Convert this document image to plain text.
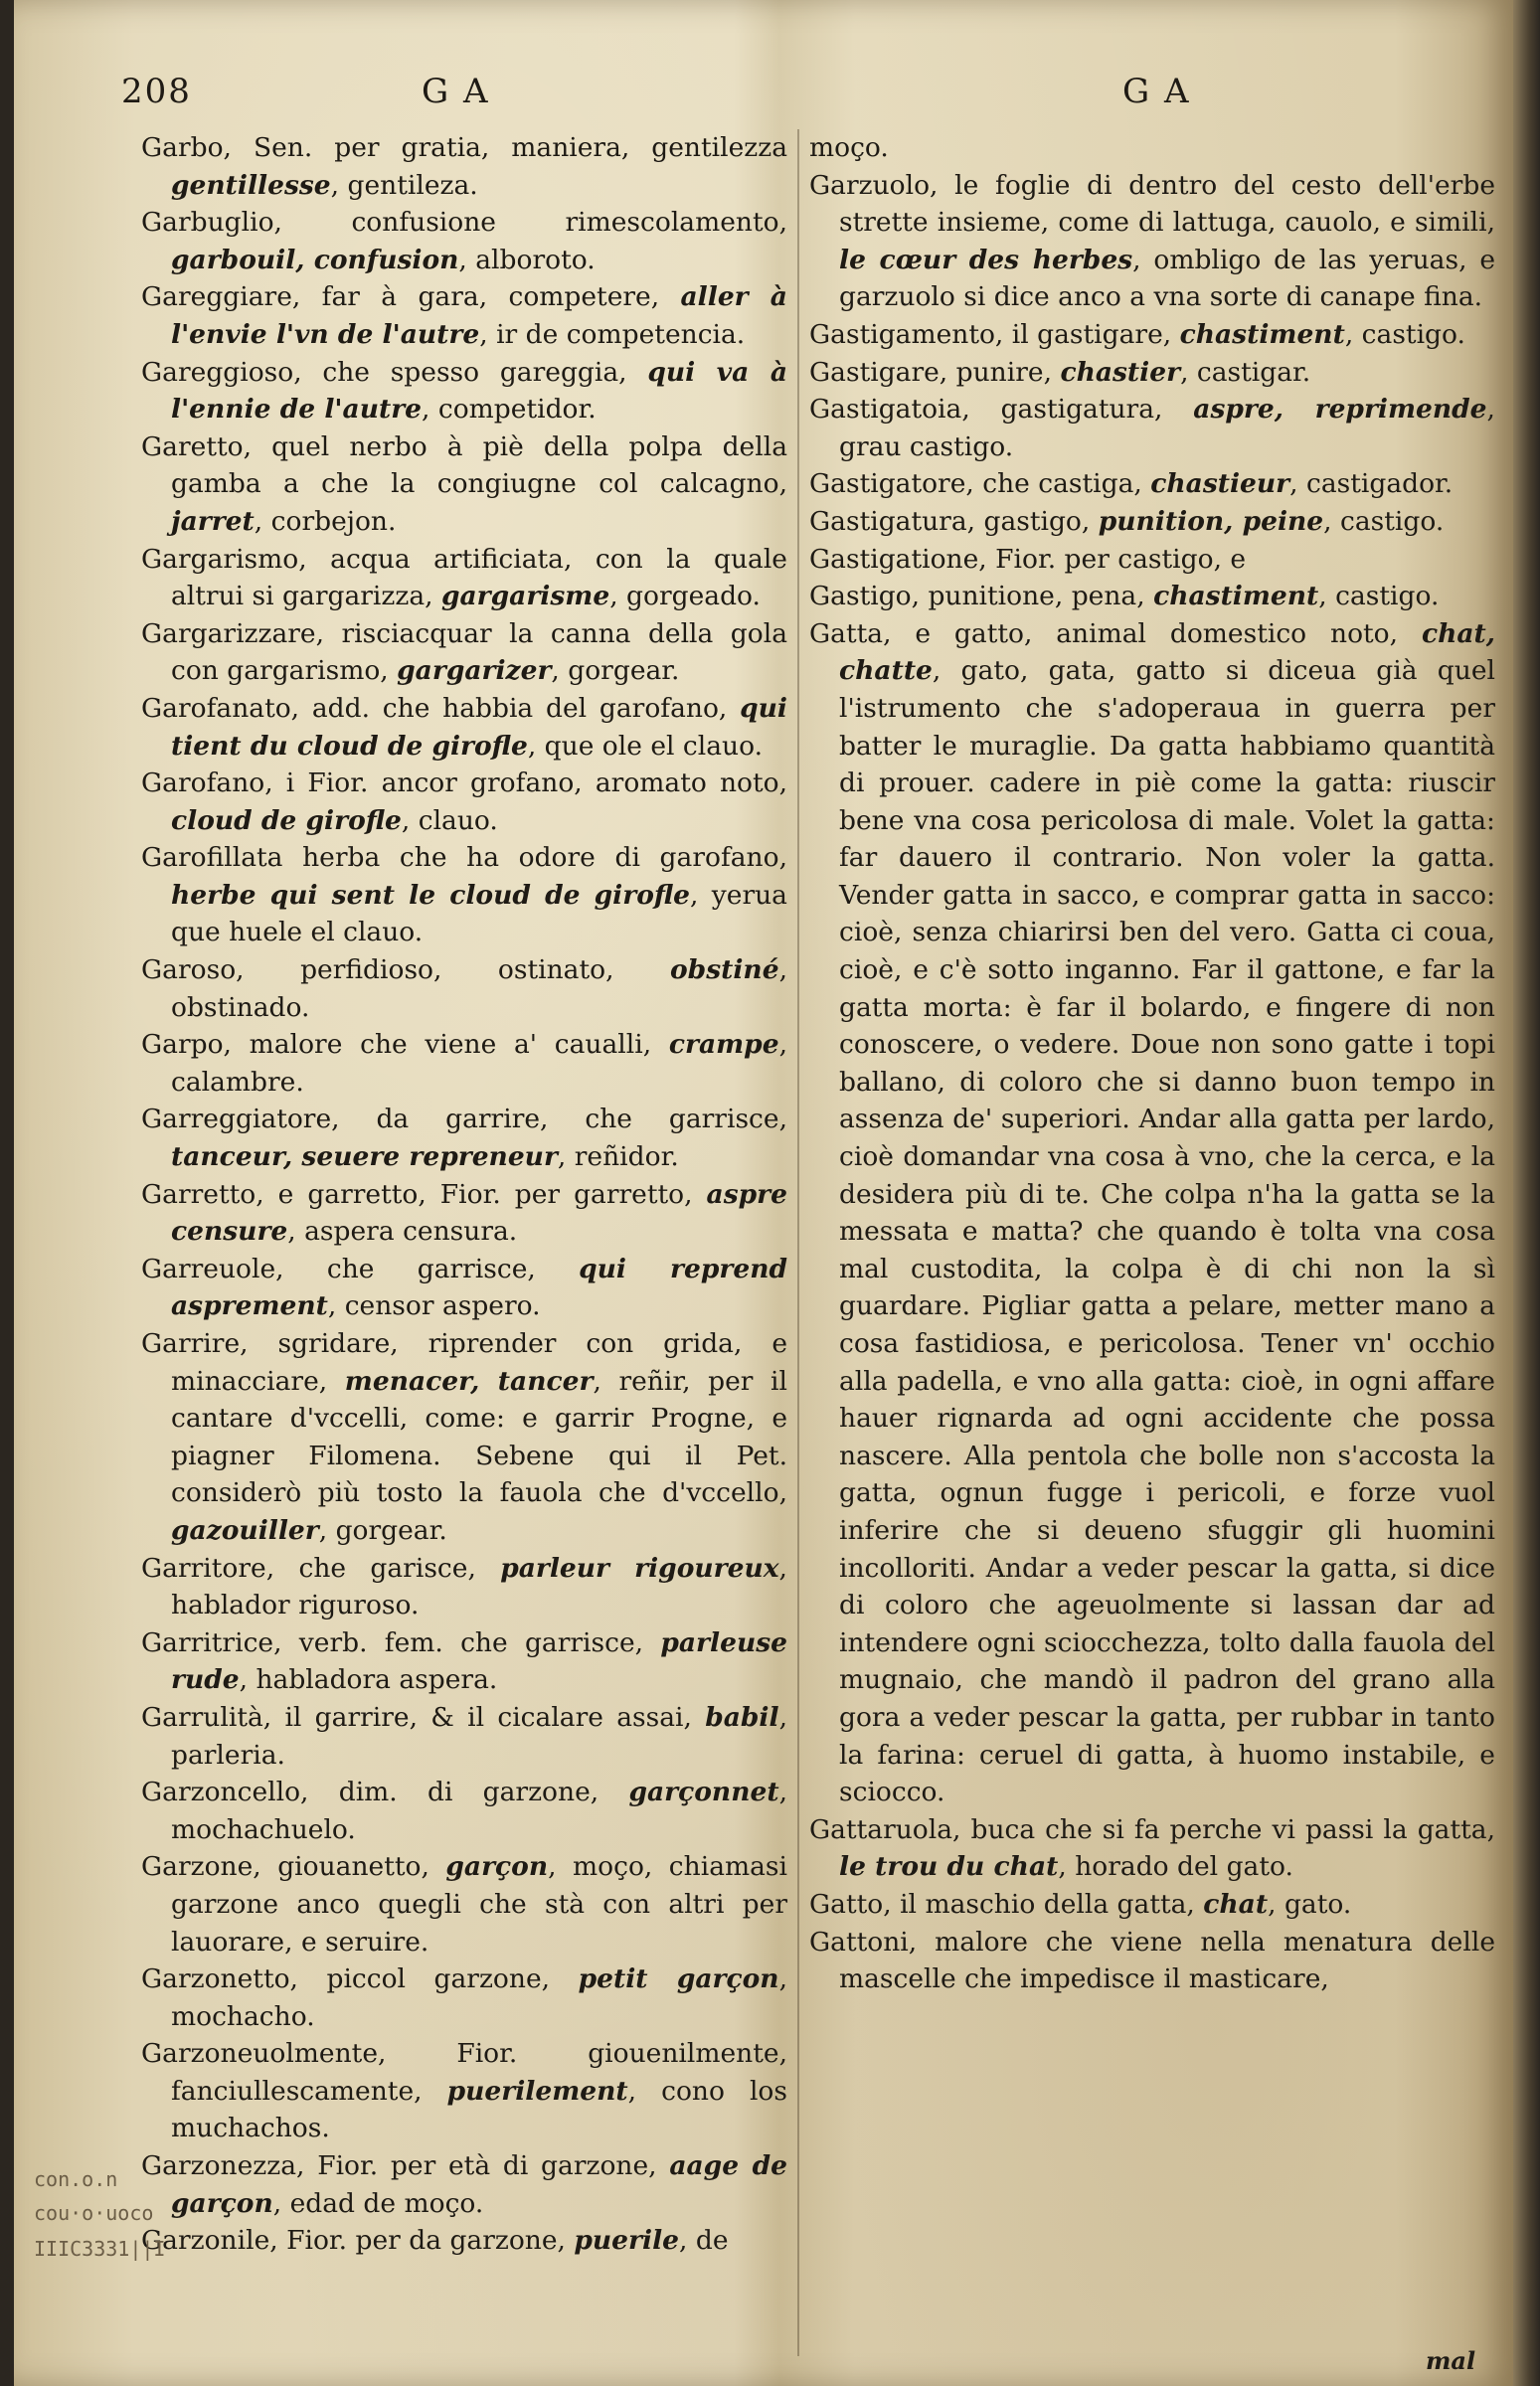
208	G A	G A

Garbo, Sen. per gratia, maniera, gentilezza gentillesse, gentileza.

Garbuglio, confusione rimescolamento, garbouil, confusion, alboroto.

Gareggiare, far à gara, competere, aller à l'envie l'vn de l'autre, ir de competencia.

Gareggioso, che spesso gareggia, qui va à l'ennie de l'autre, competidor.

Garetto, quel nerbo à piè della polpa della gamba a che la congiugne col calcagno, jarret, corbejon.

Gargarismo, acqua artificiata, con la quale altrui si gargarizza, gargarisme, gorgeado.

Gargarizzare, risciacquar la canna della gola con gargarismo, gargarizer, gorgear.

Garofanato, add. che habbia del garofano, qui tient du cloud de girofle, que ole el clauo.

Garofano, i Fior. ancor grofano, aromato noto, cloud de girofle, clauo.

Garofillata herba che ha odore di garofano, herbe qui sent le cloud de girofle, yerua que huele el clauo.

Garoso, perfidioso, ostinato, obstiné, obstinado.

Garpo, malore che viene a' caualli, crampe, calambre.

Garreggiatore, da garrire, che garrisce, tanceur, seuere repreneur, reñidor.

Garretto, e garretto, Fior. per garretto, aspre censure, aspera censura.

Garreuole, che garrisce, qui reprend asprement, censor aspero.

Garrire, sgridare, riprender con grida, e minacciare, menacer, tancer, reñir, per il cantare d'vccelli, come: e garrir Progne, e piagner Filomena. Sebene qui il Pet. considerò più tosto la fauola che d'vccello, gazouiller, gorgear.

Garritore, che garisce, parleur rigoureux, hablador riguroso.

Garritrice, verb. fem. che garrisce, parleuse rude, habladora aspera.

Garrulità, il garrire, & il cicalare assai, babil, parleria.

Garzoncello, dim. di garzone, garçonnet, mochachuelo.

Garzone, giouanetto, garçon, moço, chiamasi garzone anco quegli che stà con altri per lauorare, e seruire.

Garzonetto, piccol garzone, petit garçon, mochacho.

Garzoneuolmente, Fior. giouenilmente, fanciullescamente, puerilement, cono los muchachos.

Garzonezza, Fior. per età di garzone, aage de garçon, edad de moço.

Garzonile, Fior. per da garzone, puerile, de

moço.

Garzuolo, le foglie di dentro del cesto dell'erbe strette insieme, come di lattuga, cauolo, e simili, le cœur des herbes, ombligo de las yeruas, e garzuolo si dice anco a vna sorte di canape fina.

Gastigamento, il gastigare, chastiment, castigo.

Gastigare, punire, chastier, castigar.

Gastigatoia, gastigatura, aspre, reprimende, grau castigo.

Gastigatore, che castiga, chastieur, castigador.

Gastigatura, gastigo, punition, peine, castigo.

Gastigatione, Fior. per castigo, e

Gastigo, punitione, pena, chastiment, castigo.

Gatta, e gatto, animal domestico noto, chat, chatte, gato, gata, gatto si diceua già quel l'istrumento che s'adoperaua in guerra per batter le muraglie. Da gatta habbiamo quantità di prouer. cadere in piè come la gatta: riuscir bene vna cosa pericolosa di male. Volet la gatta: far dauero il contrario. Non voler la gatta. Vender gatta in sacco, e comprar gatta in sacco: cioè, senza chiarirsi ben del vero. Gatta ci coua, cioè, e c'è sotto inganno. Far il gattone, e far la gatta morta: è far il bolardo, e fingere di non conoscere, o vedere. Doue non sono gatte i topi ballano, di coloro che si danno buon tempo in assenza de' superiori. Andar alla gatta per lardo, cioè domandar vna cosa à vno, che la cerca, e la desidera più di te. Che colpa n'ha la gatta se la messata e matta? che quando è tolta vna cosa mal custodita, la colpa è di chi non la sì guardare. Pigliar gatta a pelare, metter mano a cosa fastidiosa, e pericolosa. Tener vn' occhio alla padella, e vno alla gatta: cioè, in ogni affare hauer rignarda ad ogni accidente che possa nascere. Alla pentola che bolle non s'accosta la gatta, ognun fugge i pericoli, e forze vuol inferire che si deueno sfuggir gli huomini incolloriti. Andar a veder pescar la gatta, si dice di coloro che ageuolmente si lassan dar ad intendere ogni sciocchezza, tolto dalla fauola del mugnaio, che mandò il padron del grano alla gora a veder pescar la gatta, per rubbar in tanto la farina: ceruel di gatta, à huomo instabile, e sciocco.

Gattaruola, buca che si fa perche vi passi la gatta, le trou du chat, horado del gato.

Gatto, il maschio della gatta, chat, gato.

Gattoni, malore che viene nella menatura delle mascelle che impedisce il masticare,

con.o.n
cou·o·uoco
IIIC3331||I
mal
